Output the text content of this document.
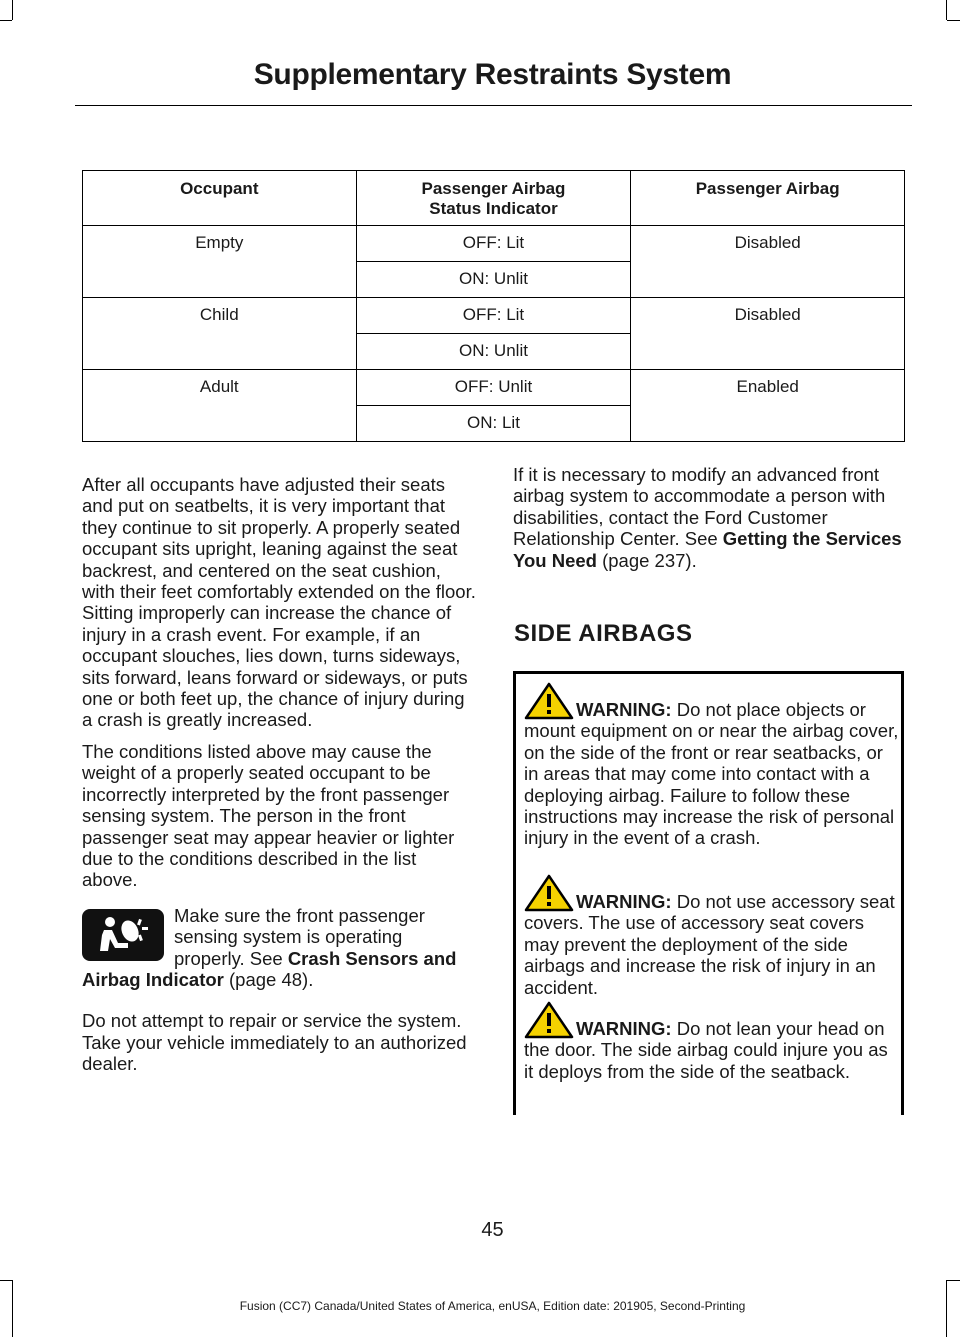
Supplementary Restraints System
Occupant	Passenger Airbag Status Indicator	Passenger Airbag
Empty	OFF: Lit	Disabled
	ON: Unlit	
Child	OFF: Lit	Disabled
	ON: Unlit	
Adult	OFF: Unlit	Enabled
	ON: Lit	

After all occupants have adjusted their seats and put on seatbelts, it is very important that they continue to sit properly. A properly seated occupant sits upright, leaning against the seat backrest, and centered on the seat cushion, with their feet comfortably extended on the floor. Sitting improperly can increase the chance of injury in a crash event. For example, if an occupant slouches, lies down, turns sideways, sits forward, leans forward or sideways, or puts one or both feet up, the chance of injury during a crash is greatly increased.

The conditions listed above may cause the weight of a properly seated occupant to be incorrectly interpreted by the front passenger sensing system. The person in the front passenger seat may appear heavier or lighter due to the conditions described in the list above.

Make sure the front passenger sensing system is operating properly. See Crash Sensors and Airbag Indicator (page 48).

Do not attempt to repair or service the system. Take your vehicle immediately to an authorized dealer.

If it is necessary to modify an advanced front airbag system to accommodate a person with disabilities, contact the Ford Customer Relationship Center. See Getting the Services You Need (page 237).

SIDE AIRBAGS
WARNING: Do not place objects or mount equipment on or near the airbag cover, on the side of the front or rear seatbacks, or in areas that may come into contact with a deploying airbag. Failure to follow these instructions may increase the risk of personal injury in the event of a crash.
WARNING: Do not use accessory seat covers. The use of accessory seat covers may prevent the deployment of the side airbags and increase the risk of injury in an accident.
WARNING: Do not lean your head on the door. The side airbag could injure you as it deploys from the side of the seatback.
45
Fusion (CC7) Canada/United States of America, enUSA, Edition date: 201905, Second-Printing
